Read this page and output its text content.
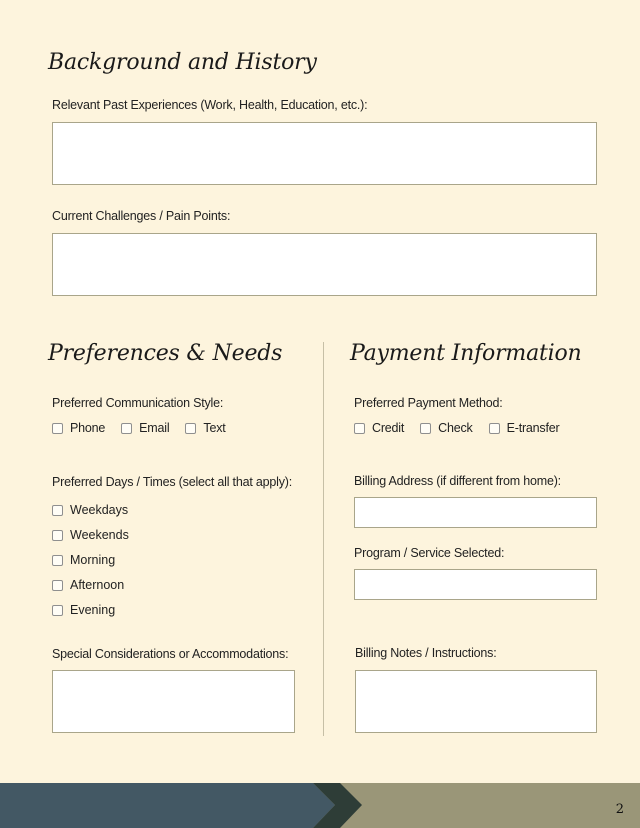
Background and History
Relevant Past Experiences (Work, Health, Education, etc.):
Current Challenges / Pain Points:
Preferences & Needs
Preferred Communication Style:
Phone	Email	Text
Preferred Days / Times (select all that apply):
Weekdays
Weekends
Morning
Afternoon
Evening
Special Considerations or Accommodations:
Payment Information
Preferred Payment Method:
Credit	Check	E-transfer
Billing Address (if different from home):
Program / Service Selected:
Billing Notes / Instructions:
2
